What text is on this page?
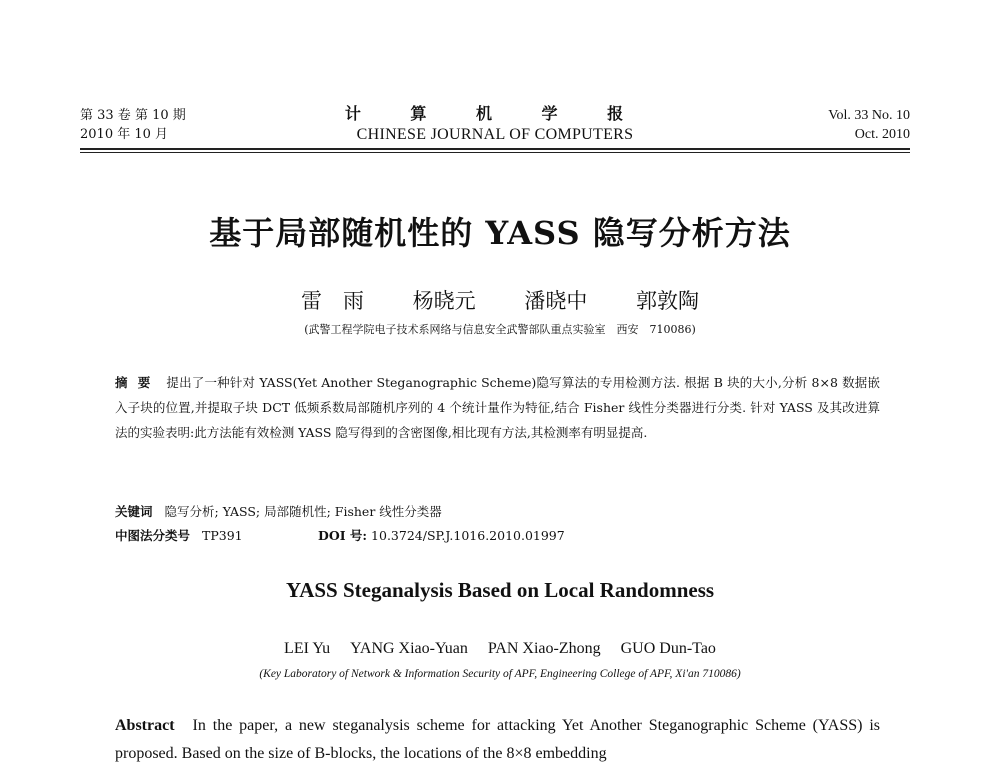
第 33 卷 第 10 期
2010 年 10 月
计 算 机 学 报
CHINESE JOURNAL OF COMPUTERS
Vol. 33 No. 10
Oct. 2010
基于局部随机性的 YASS 隐写分析方法
雷　雨 杨晓元 潘晓中 郭敦陶
(武警工程学院电子技术系网络与信息安全武警部队重点实验室　西安　710086)
摘要 提出了一种针对 YASS(Yet Another Steganographic Scheme)隐写算法的专用检测方法. 根据 B 块的大小,分析 8×8 数据嵌入子块的位置,并提取子块 DCT 低频系数局部随机序列的 4 个统计量作为特征,结合 Fisher 线性分类器进行分类. 针对 YASS 及其改进算法的实验表明:此方法能有效检测 YASS 隐写得到的含密图像,相比现有方法,其检测率有明显提高.
关键词 隐写分析; YASS; 局部随机性; Fisher 线性分类器
中图法分类号 TP391	DOI 号: 10.3724/SP.J.1016.2010.01997
YASS Steganalysis Based on Local Randomness
LEI Yu YANG Xiao-Yuan PAN Xiao-Zhong GUO Dun-Tao
(Key Laboratory of Network & Information Security of APF, Engineering College of APF, Xi'an 710086)
Abstract In the paper, a new steganalysis scheme for attacking Yet Another Steganographic Scheme (YASS) is proposed. Based on the size of B-blocks, the locations of the 8×8 embedding
